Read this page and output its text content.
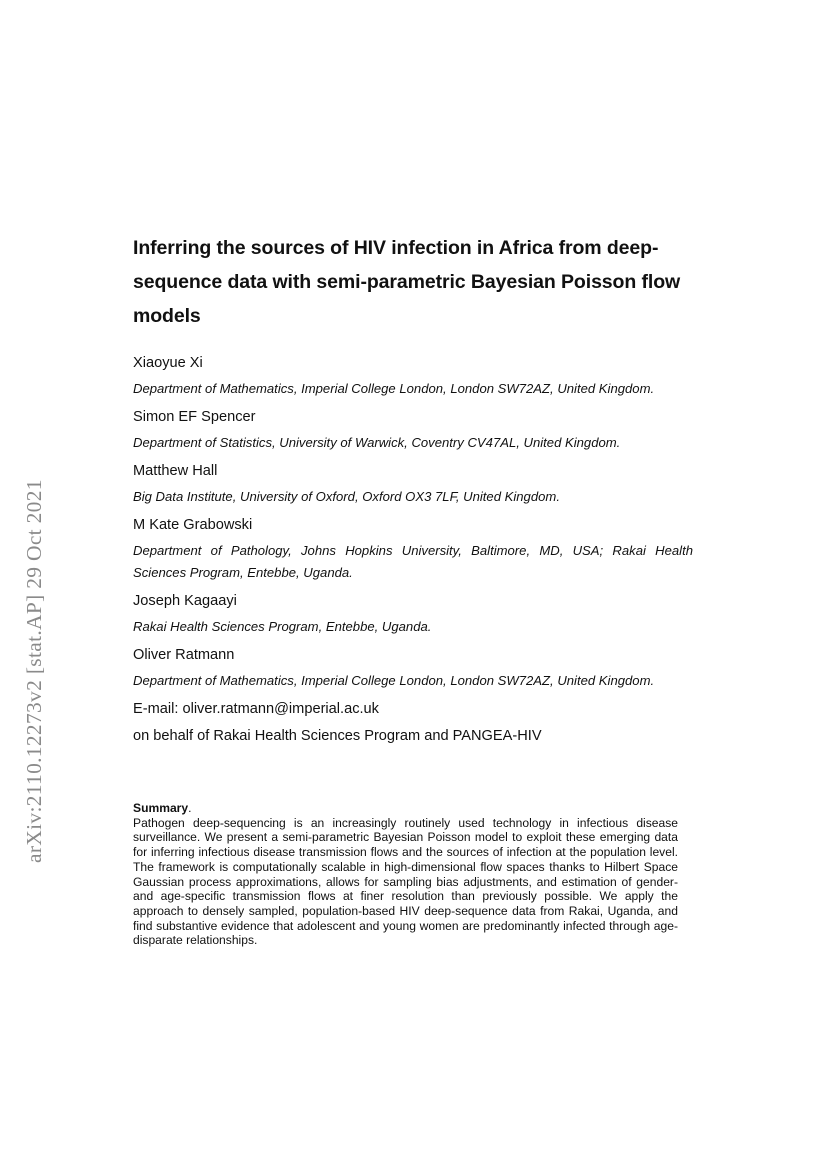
arXiv:2110.12273v2 [stat.AP] 29 Oct 2021
Inferring the sources of HIV infection in Africa from deep-sequence data with semi-parametric Bayesian Poisson flow models

Xiaoyue Xi

Department of Mathematics, Imperial College London, London SW72AZ, United Kingdom.

Simon EF Spencer

Department of Statistics, University of Warwick, Coventry CV47AL, United Kingdom.

Matthew Hall

Big Data Institute, University of Oxford, Oxford OX3 7LF, United Kingdom.

M Kate Grabowski

Department of Pathology, Johns Hopkins University, Baltimore, MD, USA; Rakai Health Sciences Program, Entebbe, Uganda.

Joseph Kagaayi

Rakai Health Sciences Program, Entebbe, Uganda.

Oliver Ratmann

Department of Mathematics, Imperial College London, London SW72AZ, United Kingdom.

E-mail: oliver.ratmann@imperial.ac.uk

on behalf of Rakai Health Sciences Program and PANGEA-HIV

Summary.
Pathogen deep-sequencing is an increasingly routinely used technology in infectious disease surveillance. We present a semi-parametric Bayesian Poisson model to exploit these emerging data for inferring infectious disease transmission flows and the sources of infection at the population level. The framework is computationally scalable in high-dimensional flow spaces thanks to Hilbert Space Gaussian process approximations, allows for sampling bias adjustments, and estimation of gender- and age-specific transmission flows at finer resolution than previously possible. We apply the approach to densely sampled, population-based HIV deep-sequence data from Rakai, Uganda, and find substantive evidence that adolescent and young women are predominantly infected through age-disparate relationships.
